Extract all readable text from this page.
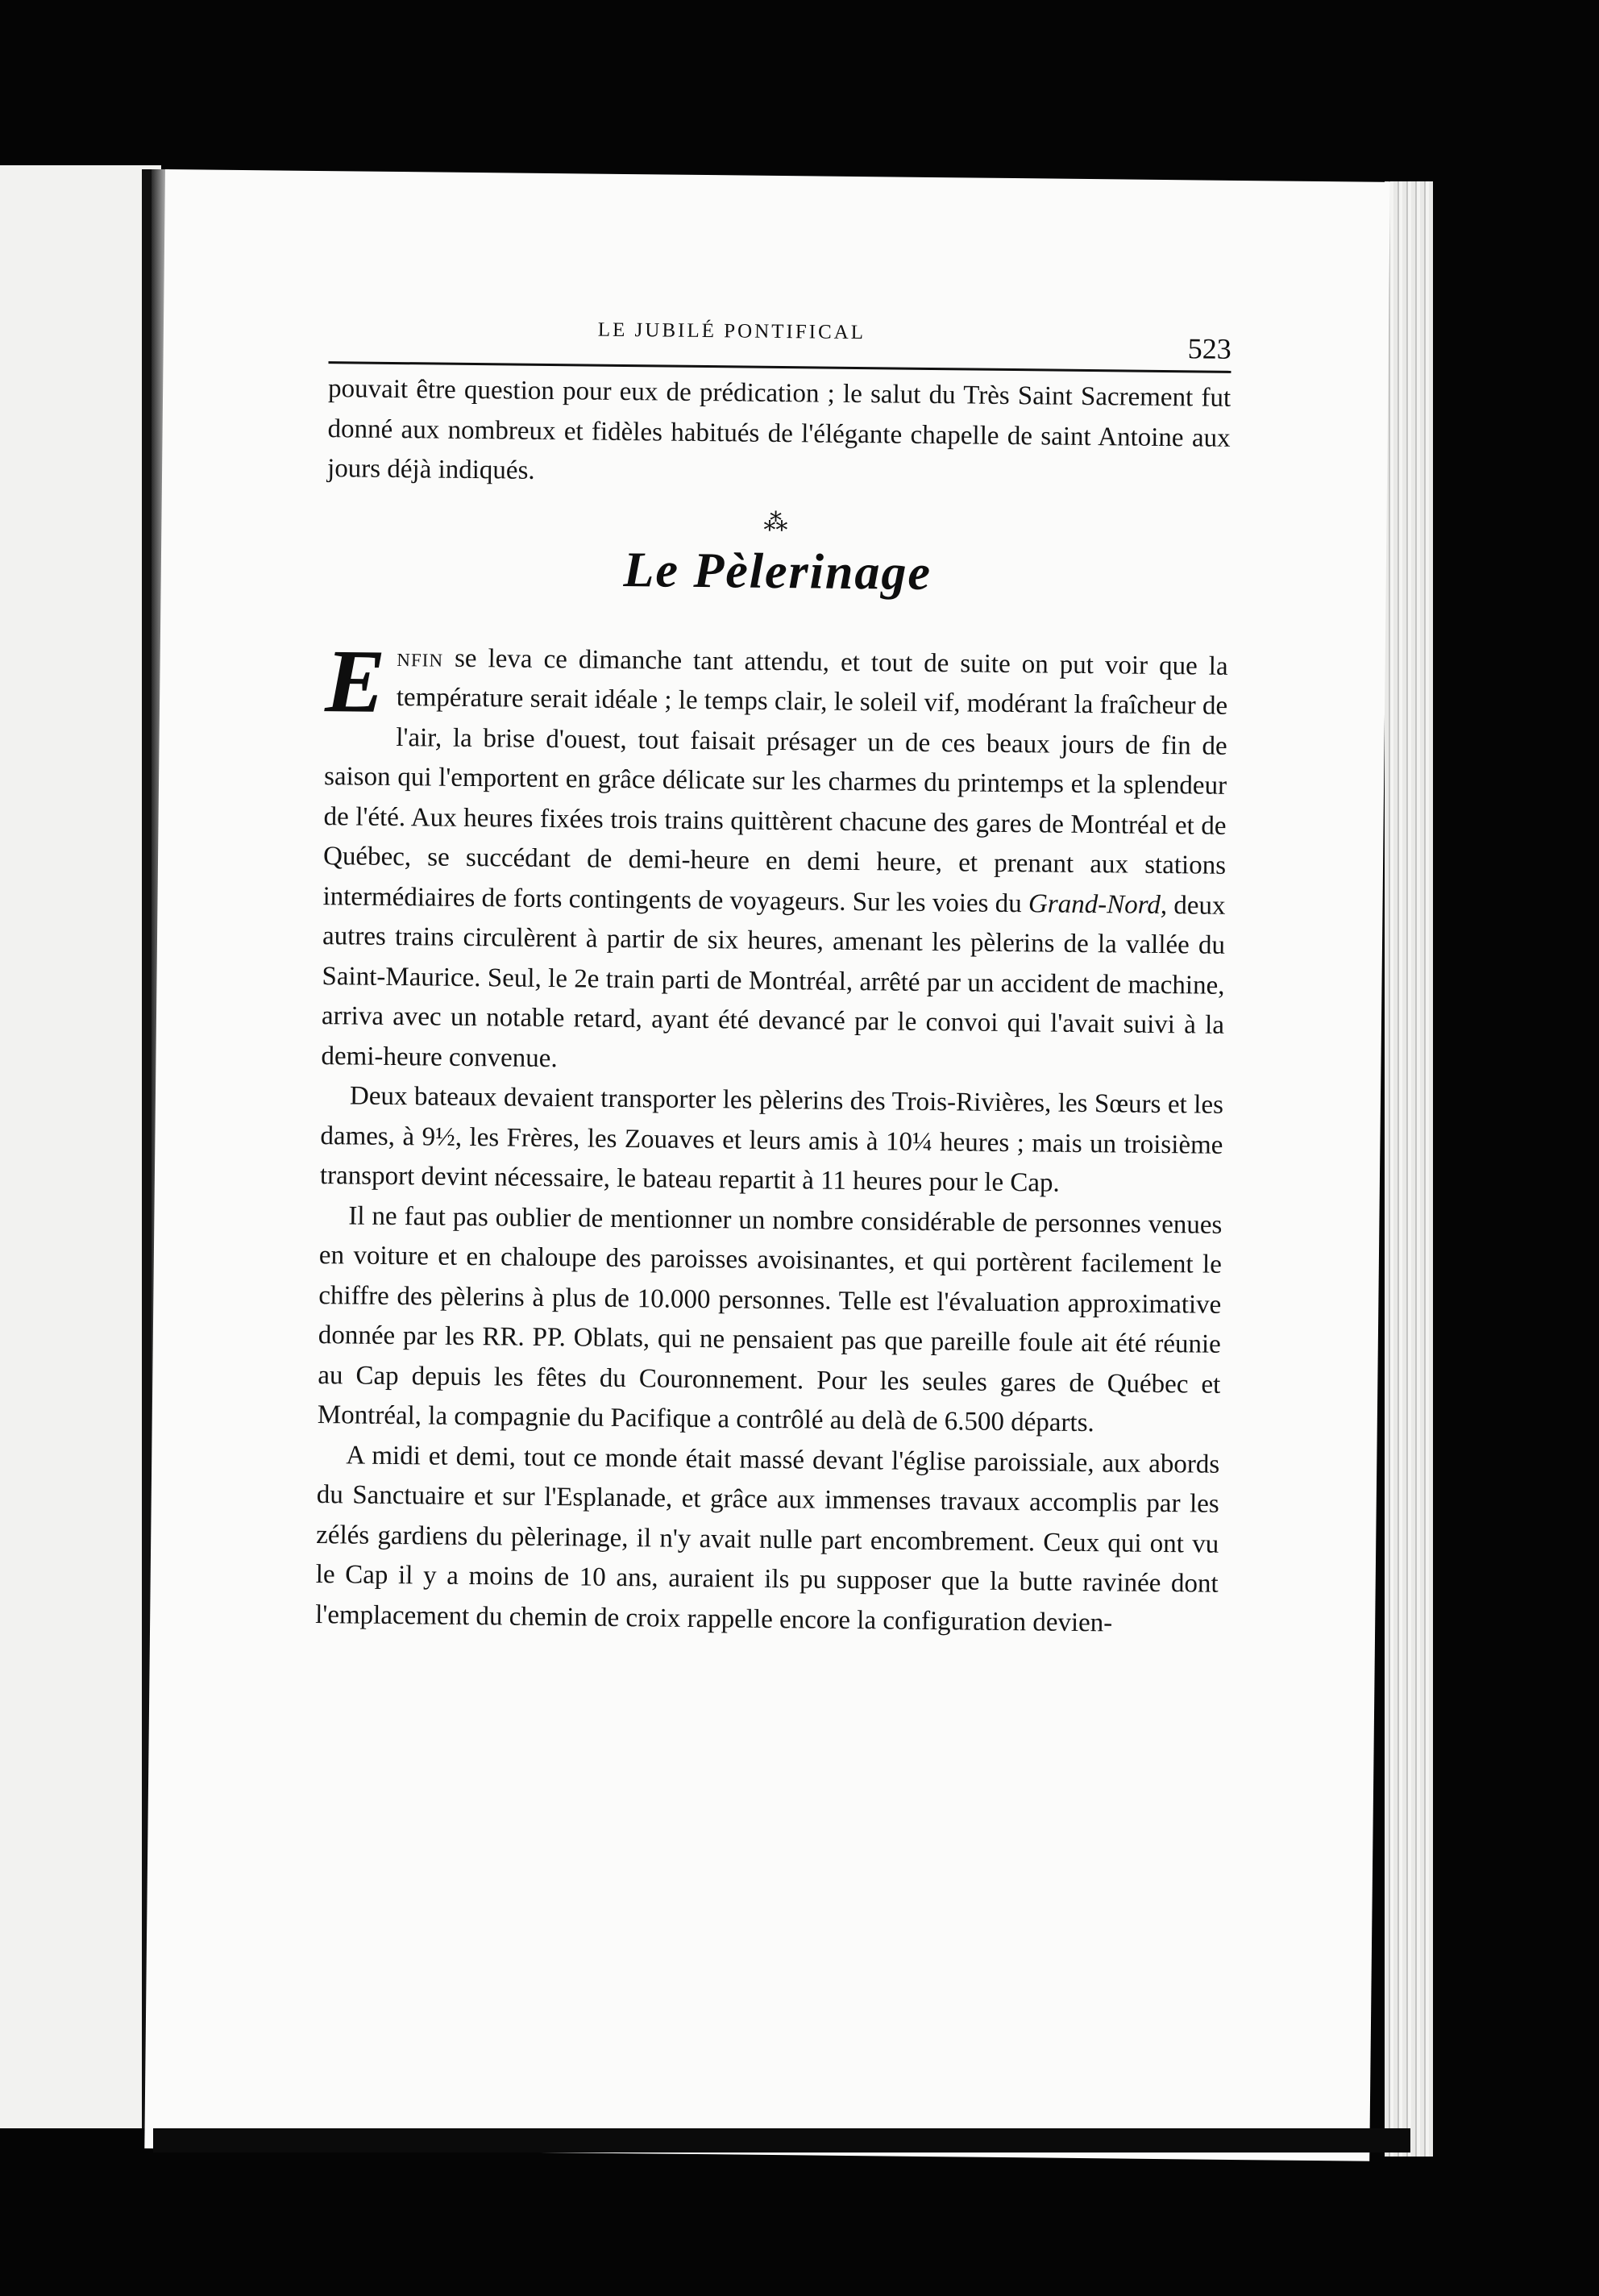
LE JUBILÉ PONTIFICAL
523

pouvait être question pour eux de prédication ; le salut du Très Saint Sacrement fut donné aux nombreux et fidèles habitués de l'élégante chapelle de saint Antoine aux jours déjà indiqués.

⁂
Le Pèlerinage

Enfin se leva ce dimanche tant attendu, et tout de suite on put voir que la température serait idéale ; le temps clair, le soleil vif, modérant la fraîcheur de l'air, la brise d'ouest, tout faisait présager un de ces beaux jours de fin de saison qui l'emportent en grâce délicate sur les charmes du printemps et la splendeur de l'été. Aux heures fixées trois trains quittèrent chacune des gares de Montréal et de Québec, se succédant de demi-heure en demi heure, et prenant aux stations intermédiaires de forts contingents de voyageurs. Sur les voies du Grand-Nord, deux autres trains circulèrent à partir de six heures, amenant les pèlerins de la vallée du Saint-Maurice. Seul, le 2e train parti de Montréal, arrêté par un accident de machine, arriva avec un notable retard, ayant été devancé par le convoi qui l'avait suivi à la demi-heure convenue.

Deux bateaux devaient transporter les pèlerins des Trois-Rivières, les Sœurs et les dames, à 9½, les Frères, les Zouaves et leurs amis à 10¼ heures ; mais un troisième transport devint nécessaire, le bateau repartit à 11 heures pour le Cap.

Il ne faut pas oublier de mentionner un nombre considérable de personnes venues en voiture et en chaloupe des paroisses avoisinantes, et qui portèrent facilement le chiffre des pèlerins à plus de 10.000 personnes. Telle est l'évaluation approximative donnée par les RR. PP. Oblats, qui ne pensaient pas que pareille foule ait été réunie au Cap depuis les fêtes du Couronnement. Pour les seules gares de Québec et Montréal, la compagnie du Pacifique a contrôlé au delà de 6.500 départs.

A midi et demi, tout ce monde était massé devant l'église paroissiale, aux abords du Sanctuaire et sur l'Esplanade, et grâce aux immenses travaux accomplis par les zélés gardiens du pèlerinage, il n'y avait nulle part encombrement. Ceux qui ont vu le Cap il y a moins de 10 ans, auraient ils pu supposer que la butte ravinée dont l'emplacement du chemin de croix rappelle encore la configuration devien-
